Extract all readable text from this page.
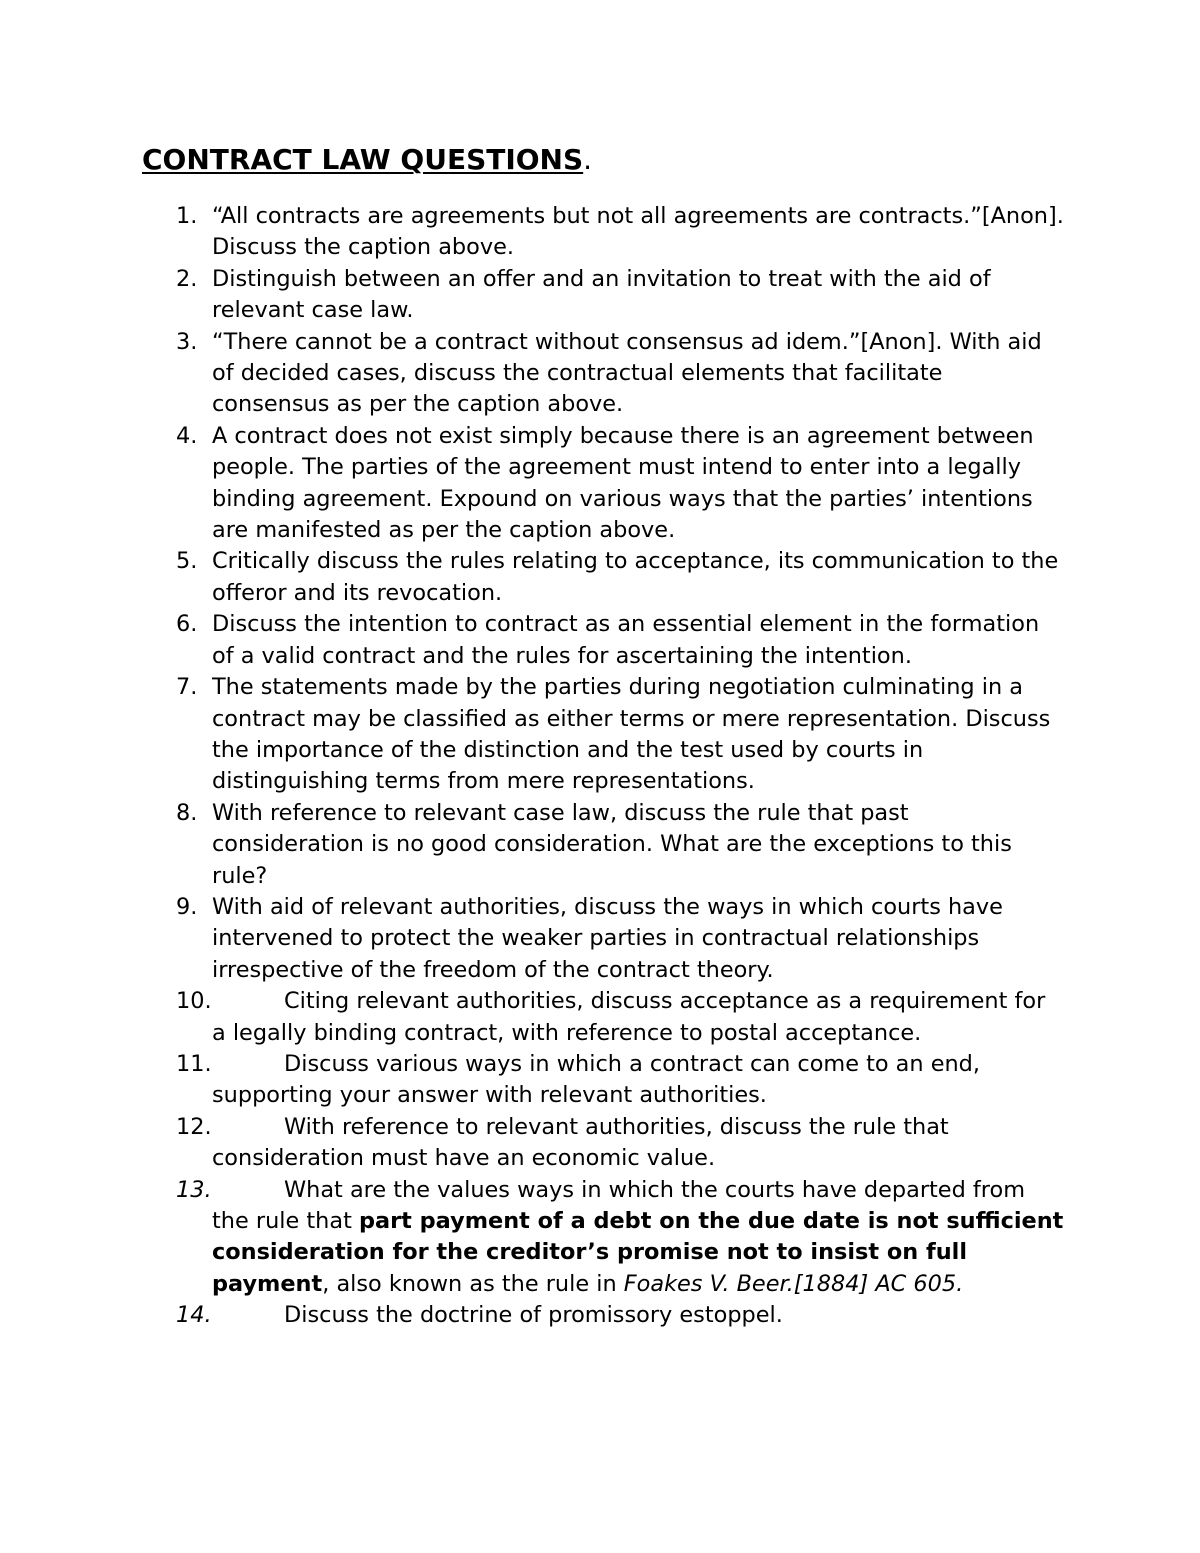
CONTRACT LAW QUESTIONS.
1. “All contracts are agreements but not all agreements are contracts.”[Anon]. Discuss the caption above.
2. Distinguish between an offer and an invitation to treat with the aid of relevant case law.
3. “There cannot be a contract without consensus ad idem.”[Anon]. With aid of decided cases, discuss the contractual elements that facilitate consensus as per the caption above.
4. A contract does not exist simply because there is an agreement between people. The parties of the agreement must intend to enter into a legally binding agreement. Expound on various ways that the parties’ intentions are manifested as per the caption above.
5. Critically discuss the rules relating to acceptance, its communication to the offeror and its revocation.
6. Discuss the intention to contract as an essential element in the formation of a valid contract and the rules for ascertaining the intention.
7. The statements made by the parties during negotiation culminating in a contract may be classified as either terms or mere representation. Discuss the importance of the distinction and the test used by courts in distinguishing terms from mere representations.
8. With reference to relevant case law, discuss the rule that past consideration is no good consideration. What are the exceptions to this rule?
9. With aid of relevant authorities, discuss the ways in which courts have intervened to protect the weaker parties in contractual relationships irrespective of the freedom of the contract theory.
10.	Citing relevant authorities, discuss acceptance as a requirement for a legally binding contract, with reference to postal acceptance.
11.	Discuss various ways in which a contract can come to an end, supporting your answer with relevant authorities.
12.	With reference to relevant authorities, discuss the rule that consideration must have an economic value.
13.	What are the values ways in which the courts have departed from the rule that part payment of a debt on the due date is not sufficient consideration for the creditor’s promise not to insist on full payment, also known as the rule in Foakes V. Beer.[1884] AC 605.
14.	Discuss the doctrine of promissory estoppel.
